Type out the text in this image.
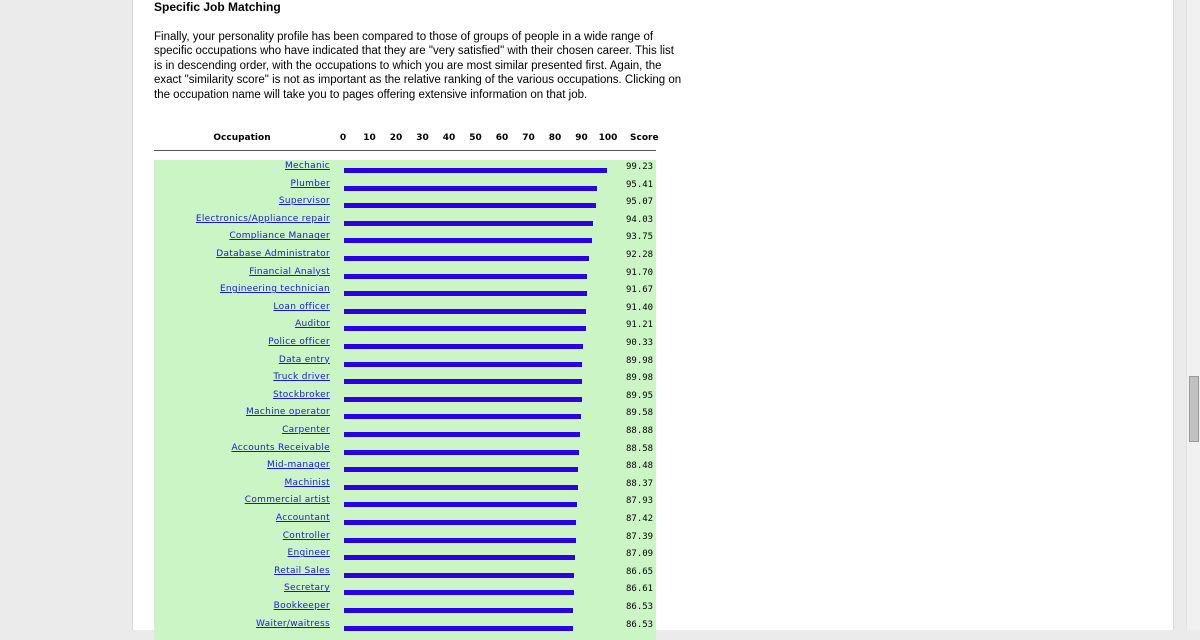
Specific Job Matching
Finally, your personality profile has been compared to those of groups of people in a wide range of specific occupations who have indicated that they are "very satisfied" with their chosen career. This list is in descending order, with the occupations to which you are most similar presented first. Again, the exact "similarity score" is not as important as the relative ranking of the various occupations. Clicking on the occupation name will take you to pages offering extensive information on that job.
Occupation	0 10 20 30 40 50 60 70 80 90 100 Score
Mechanic	99.23
Plumber	95.41
Supervisor	95.07
Electronics/Appliance repair	94.03
Compliance Manager	93.75
Database Administrator	92.28
Financial Analyst	91.70
Engineering technician	91.67
Loan officer	91.40
Auditor	91.21
Police officer	90.33
Data entry	89.98
Truck driver	89.98
Stockbroker	89.95
Machine operator	89.58
Carpenter	88.88
Accounts Receivable	88.58
Mid-manager	88.48
Machinist	88.37
Commercial artist	87.93
Accountant	87.42
Controller	87.39
Engineer	87.09
Retail Sales	86.65
Secretary	86.61
Bookkeeper	86.53
Waiter/waitress	86.53
